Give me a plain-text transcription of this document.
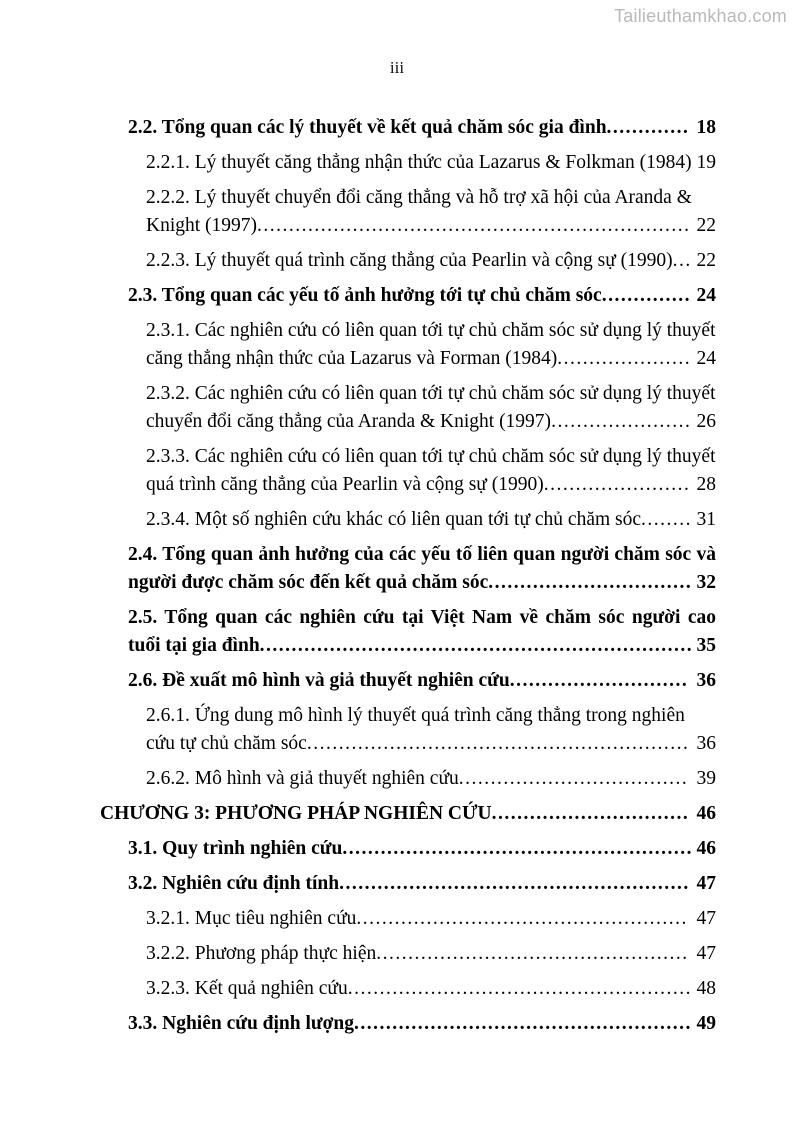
Tailieuthamkhao.com
iii
2.2. Tổng quan các lý thuyết về kết quả chăm sóc gia đình............. 18
2.2.1. Lý thuyết căng thẳng nhận thức của Lazarus & Folkman (1984) 19
2.2.2. Lý thuyết chuyển đổi căng thẳng và hỗ trợ xã hội của Aranda & Knight (1997).................................................................... 22
2.2.3. Lý thuyết quá trình căng thẳng của Pearlin và cộng sự (1990)... 22
2.3. Tổng quan các yếu tố ảnh hưởng tới tự chủ chăm sóc.............. 24
2.3.1. Các nghiên cứu có liên quan tới tự chủ chăm sóc sử dụng lý thuyết căng thẳng nhận thức của Lazarus và Forman (1984)..................... 24
2.3.2. Các nghiên cứu có liên quan tới tự chủ chăm sóc sử dụng lý thuyết chuyển đổi căng thẳng của Aranda & Knight (1997)...................... 26
2.3.3. Các nghiên cứu có liên quan tới tự chủ chăm sóc sử dụng lý thuyết quá trình căng thẳng của Pearlin và cộng sự (1990)....................... 28
2.3.4. Một số nghiên cứu khác có liên quan tới tự chủ chăm sóc........ 31
2.4. Tổng quan ảnh hưởng của các yếu tố liên quan người chăm sóc và người được chăm sóc đến kết quả chăm sóc................................ 32
2.5. Tổng quan các nghiên cứu tại Việt Nam về chăm sóc người cao tuổi tại gia đình.................................................................... 35
2.6. Đề xuất mô hình và giả thuyết nghiên cứu............................ 36
2.6.1. Ứng dung mô hình lý thuyết quá trình căng thẳng trong nghiên cứu tự chủ chăm sóc............................................................ 36
2.6.2. Mô hình và giả thuyết nghiên cứu.................................... 39
CHƯƠNG 3: PHƯƠNG PHÁP NGHIÊN CỨU............................... 46
3.1. Quy trình nghiên cứu....................................................... 46
3.2. Nghiên cứu định tính....................................................... 47
3.2.1. Mục tiêu nghiên cứu.................................................... 47
3.2.2. Phương pháp thực hiện................................................. 47
3.2.3. Kết quả nghiên cứu...................................................... 48
3.3. Nghiên cứu định lượng..................................................... 49
